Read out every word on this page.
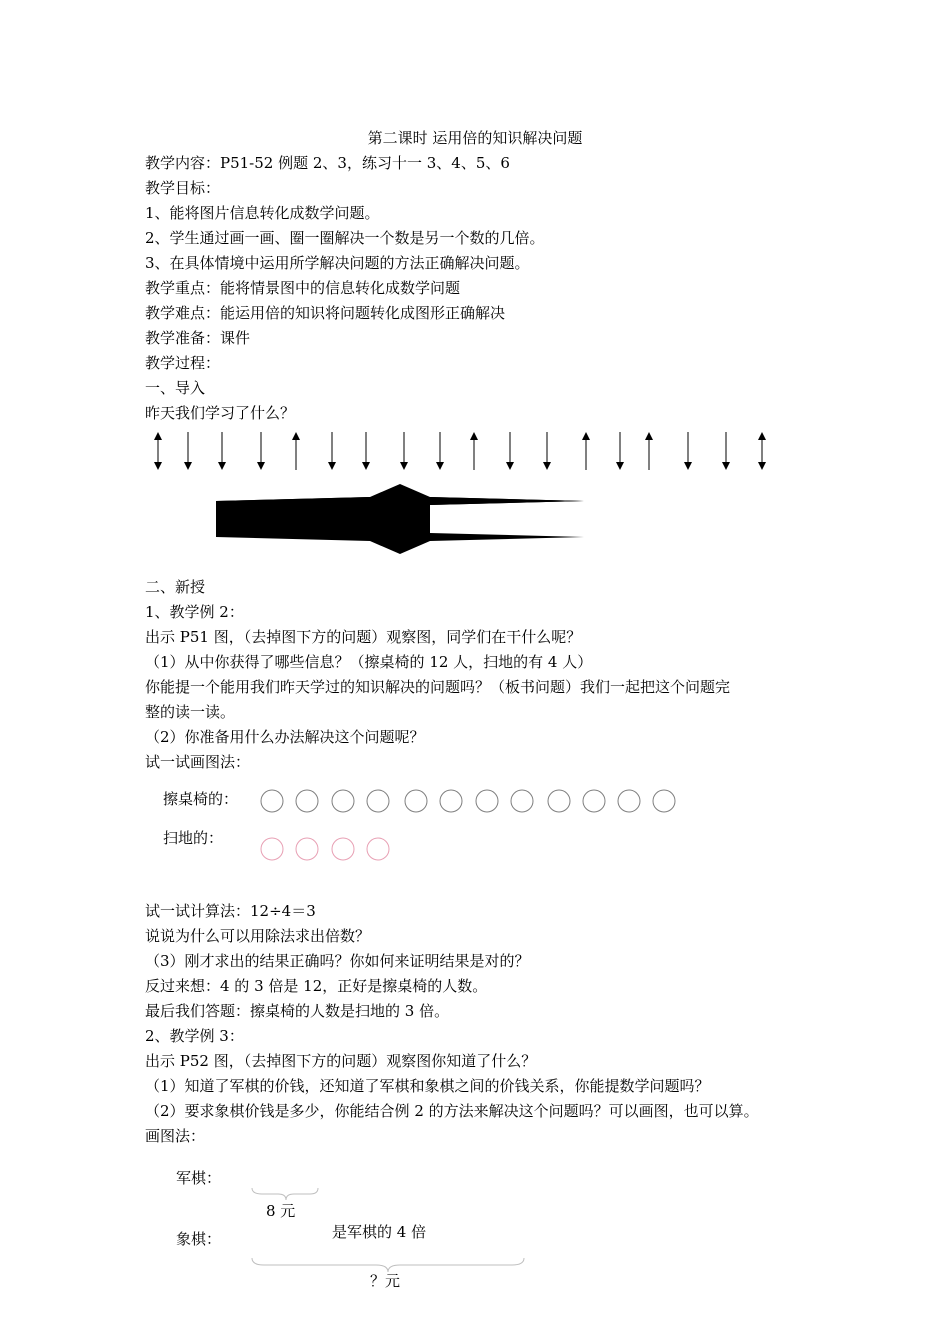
第二课时 运用倍的知识解决问题
教学内容：P51-52 例题 2、3，练习十一 3、4、5、6
教学目标：
1、能将图片信息转化成数学问题。
2、学生通过画一画、圈一圈解决一个数是另一个数的几倍。
3、在具体情境中运用所学解决问题的方法正确解决问题。
教学重点：能将情景图中的信息转化成数学问题
教学难点：能运用倍的知识将问题转化成图形正确解决
教学准备：课件
教学过程：
一、导入
昨天我们学习了什么？
二、新授
1、教学例 2：
出示 P51 图，（去掉图下方的问题）观察图，同学们在干什么呢？
（1）从中你获得了哪些信息？（擦桌椅的 12 人，扫地的有 4 人）
你能提一个能用我们昨天学过的知识解决的问题吗？（板书问题）我们一起把这个问题完
整的读一读。
（2）你准备用什么办法解决这个问题呢？
试一试画图法：
擦桌椅的：
扫地的：
试一试计算法：12÷4＝3
说说为什么可以用除法求出倍数？
（3）刚才求出的结果正确吗？你如何来证明结果是对的？
反过来想：4 的 3 倍是 12，正好是擦桌椅的人数。
最后我们答题：擦桌椅的人数是扫地的 3 倍。
2、教学例 3：
出示 P52 图，（去掉图下方的问题）观察图你知道了什么？
（1）知道了军棋的价钱，还知道了军棋和象棋之间的价钱关系，你能提数学问题吗？
（2）要求象棋价钱是多少，你能结合例 2 的方法来解决这个问题吗？可以画图，也可以算。
画图法：
军棋：
8 元
是军棋的 4 倍
象棋：
？元
